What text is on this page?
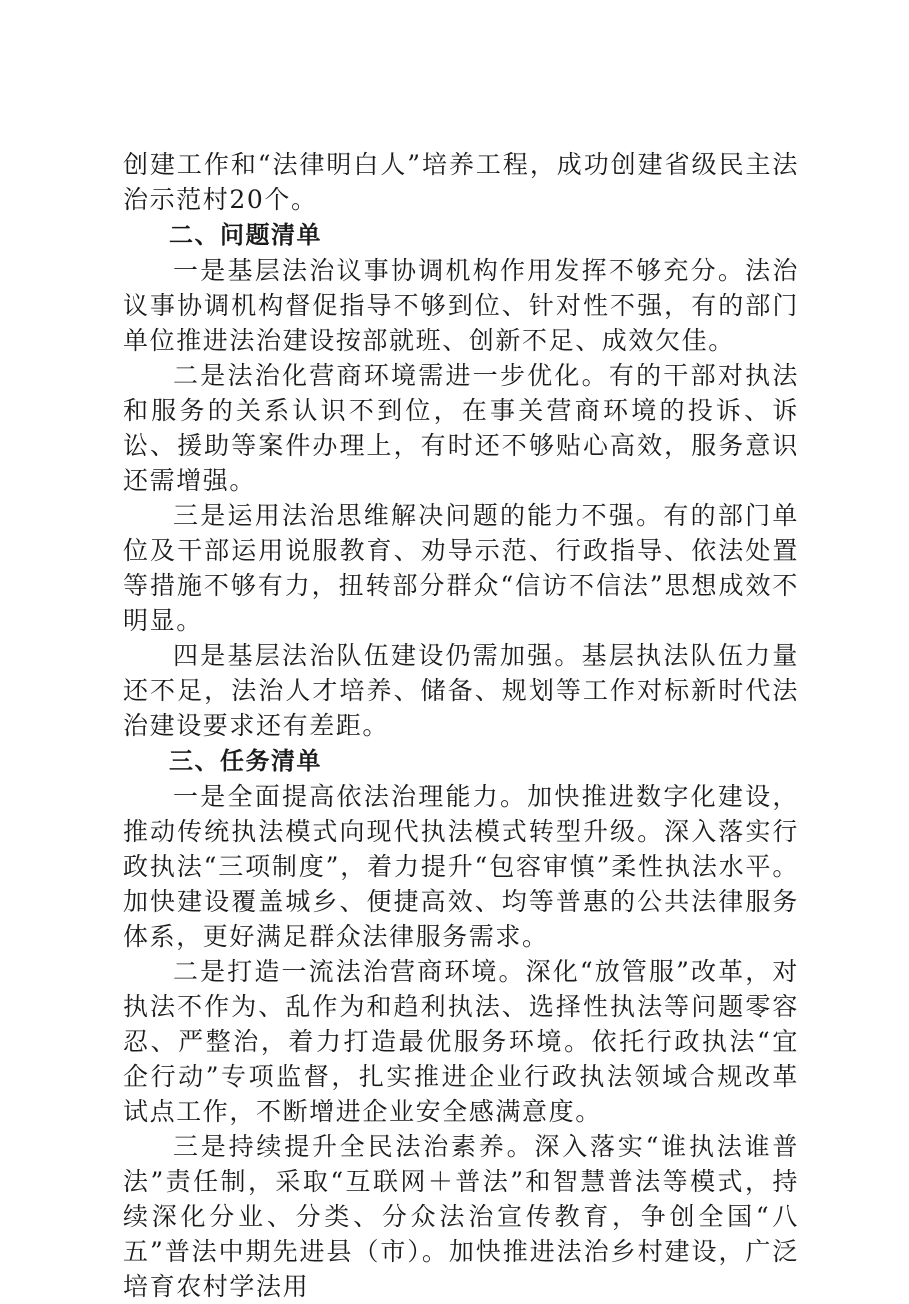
创建工作和“法律明白人”培养工程，成功创建省级民主法治示范村20个。

二、问题清单

一是基层法治议事协调机构作用发挥不够充分。法治议事协调机构督促指导不够到位、针对性不强，有的部门单位推进法治建设按部就班、创新不足、成效欠佳。

二是法治化营商环境需进一步优化。有的干部对执法和服务的关系认识不到位，在事关营商环境的投诉、诉讼、援助等案件办理上，有时还不够贴心高效，服务意识还需增强。

三是运用法治思维解决问题的能力不强。有的部门单位及干部运用说服教育、劝导示范、行政指导、依法处置等措施不够有力，扭转部分群众“信访不信法”思想成效不明显。

四是基层法治队伍建设仍需加强。基层执法队伍力量还不足，法治人才培养、储备、规划等工作对标新时代法治建设要求还有差距。

三、任务清单

一是全面提高依法治理能力。加快推进数字化建设，推动传统执法模式向现代执法模式转型升级。深入落实行政执法“三项制度”，着力提升“包容审慎”柔性执法水平。加快建设覆盖城乡、便捷高效、均等普惠的公共法律服务体系，更好满足群众法律服务需求。

二是打造一流法治营商环境。深化“放管服”改革，对执法不作为、乱作为和趋利执法、选择性执法等问题零容忍、严整治，着力打造最优服务环境。依托行政执法“宜企行动”专项监督，扎实推进企业行政执法领域合规改革试点工作，不断增进企业安全感满意度。

三是持续提升全民法治素养。深入落实“谁执法谁普法”责任制，采取“互联网＋普法”和智慧普法等模式，持续深化分业、分类、分众法治宣传教育，争创全国“八五”普法中期先进县（市）。加快推进法治乡村建设，广泛培育农村学法用
